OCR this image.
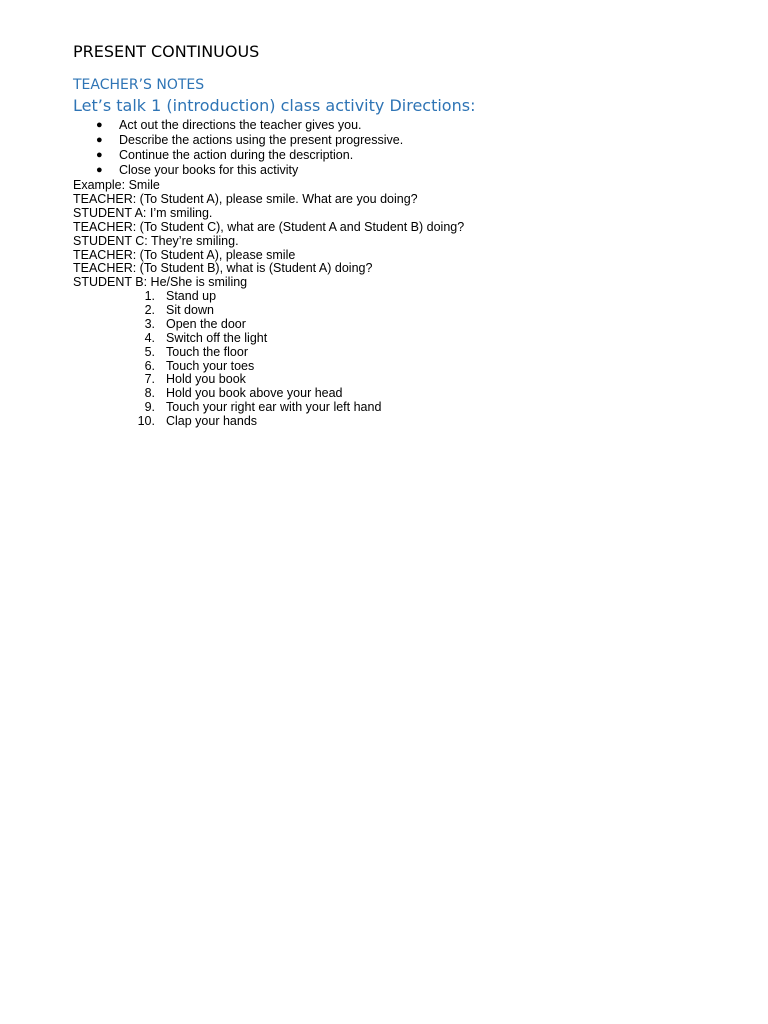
PRESENT CONTINUOUS
TEACHER’S NOTES
Let’s talk 1 (introduction) class activity Directions:
● Act out the directions the teacher gives you.
● Describe the actions using the present progressive.
● Continue the action during the description.
● Close your books for this activity
Example: Smile
TEACHER: (To Student A), please smile. What are you doing?
STUDENT A: I’m smiling.
TEACHER: (To Student C), what are (Student A and Student B) doing?
STUDENT C: They’re smiling.
TEACHER: (To Student A), please smile
TEACHER: (To Student B), what is (Student A) doing?
STUDENT B: He/She is smiling
1. Stand up
2. Sit down
3. Open the door
4. Switch off the light
5. Touch the floor
6. Touch your toes
7. Hold you book
8. Hold you book above your head
9. Touch your right ear with your left hand
10. Clap your hands
